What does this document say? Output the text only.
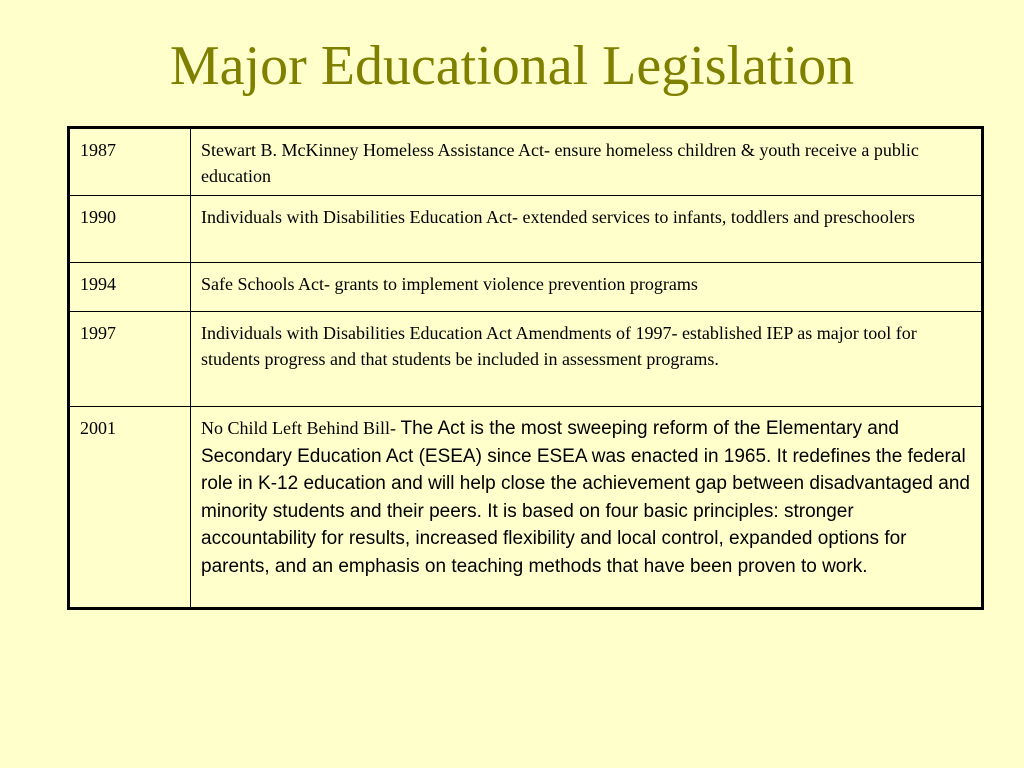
Major Educational Legislation
1987	Stewart B. McKinney Homeless Assistance Act- ensure homeless children & youth receive a public education
1990	Individuals with Disabilities Education Act- extended services to infants, toddlers and preschoolers
1994	Safe Schools Act- grants to implement violence prevention programs
1997	Individuals with Disabilities Education Act Amendments of 1997- established IEP as major tool for students progress and that students be included in assessment programs.
2001	No Child Left Behind Bill- The Act is the most sweeping reform of the Elementary and Secondary Education Act (ESEA) since ESEA was enacted in 1965. It redefines the federal role in K-12 education and will help close the achievement gap between disadvantaged and minority students and their peers. It is based on four basic principles: stronger accountability for results, increased flexibility and local control, expanded options for parents, and an emphasis on teaching methods that have been proven to work.
